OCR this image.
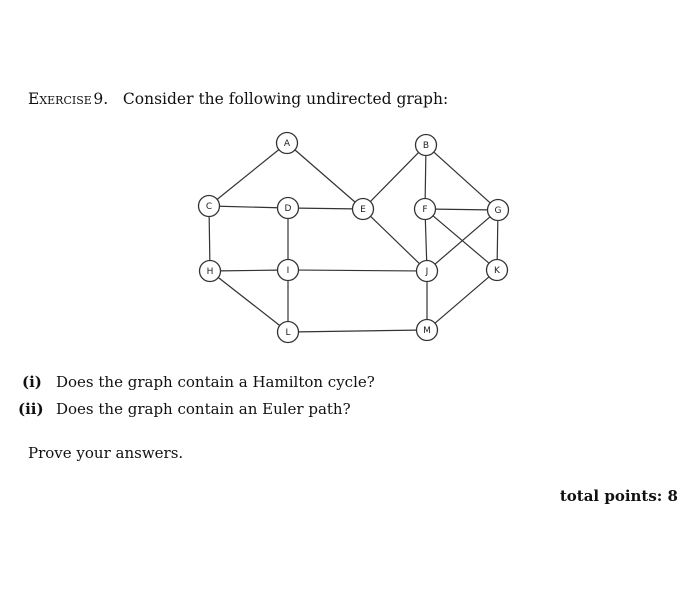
Exercise 9. Consider the following undirected graph:
A	B
C	D	E	F	G
H	I	J	K
L	M
(i) Does the graph contain a Hamilton cycle?
(ii) Does the graph contain an Euler path?
Prove your answers.
total points: 8
